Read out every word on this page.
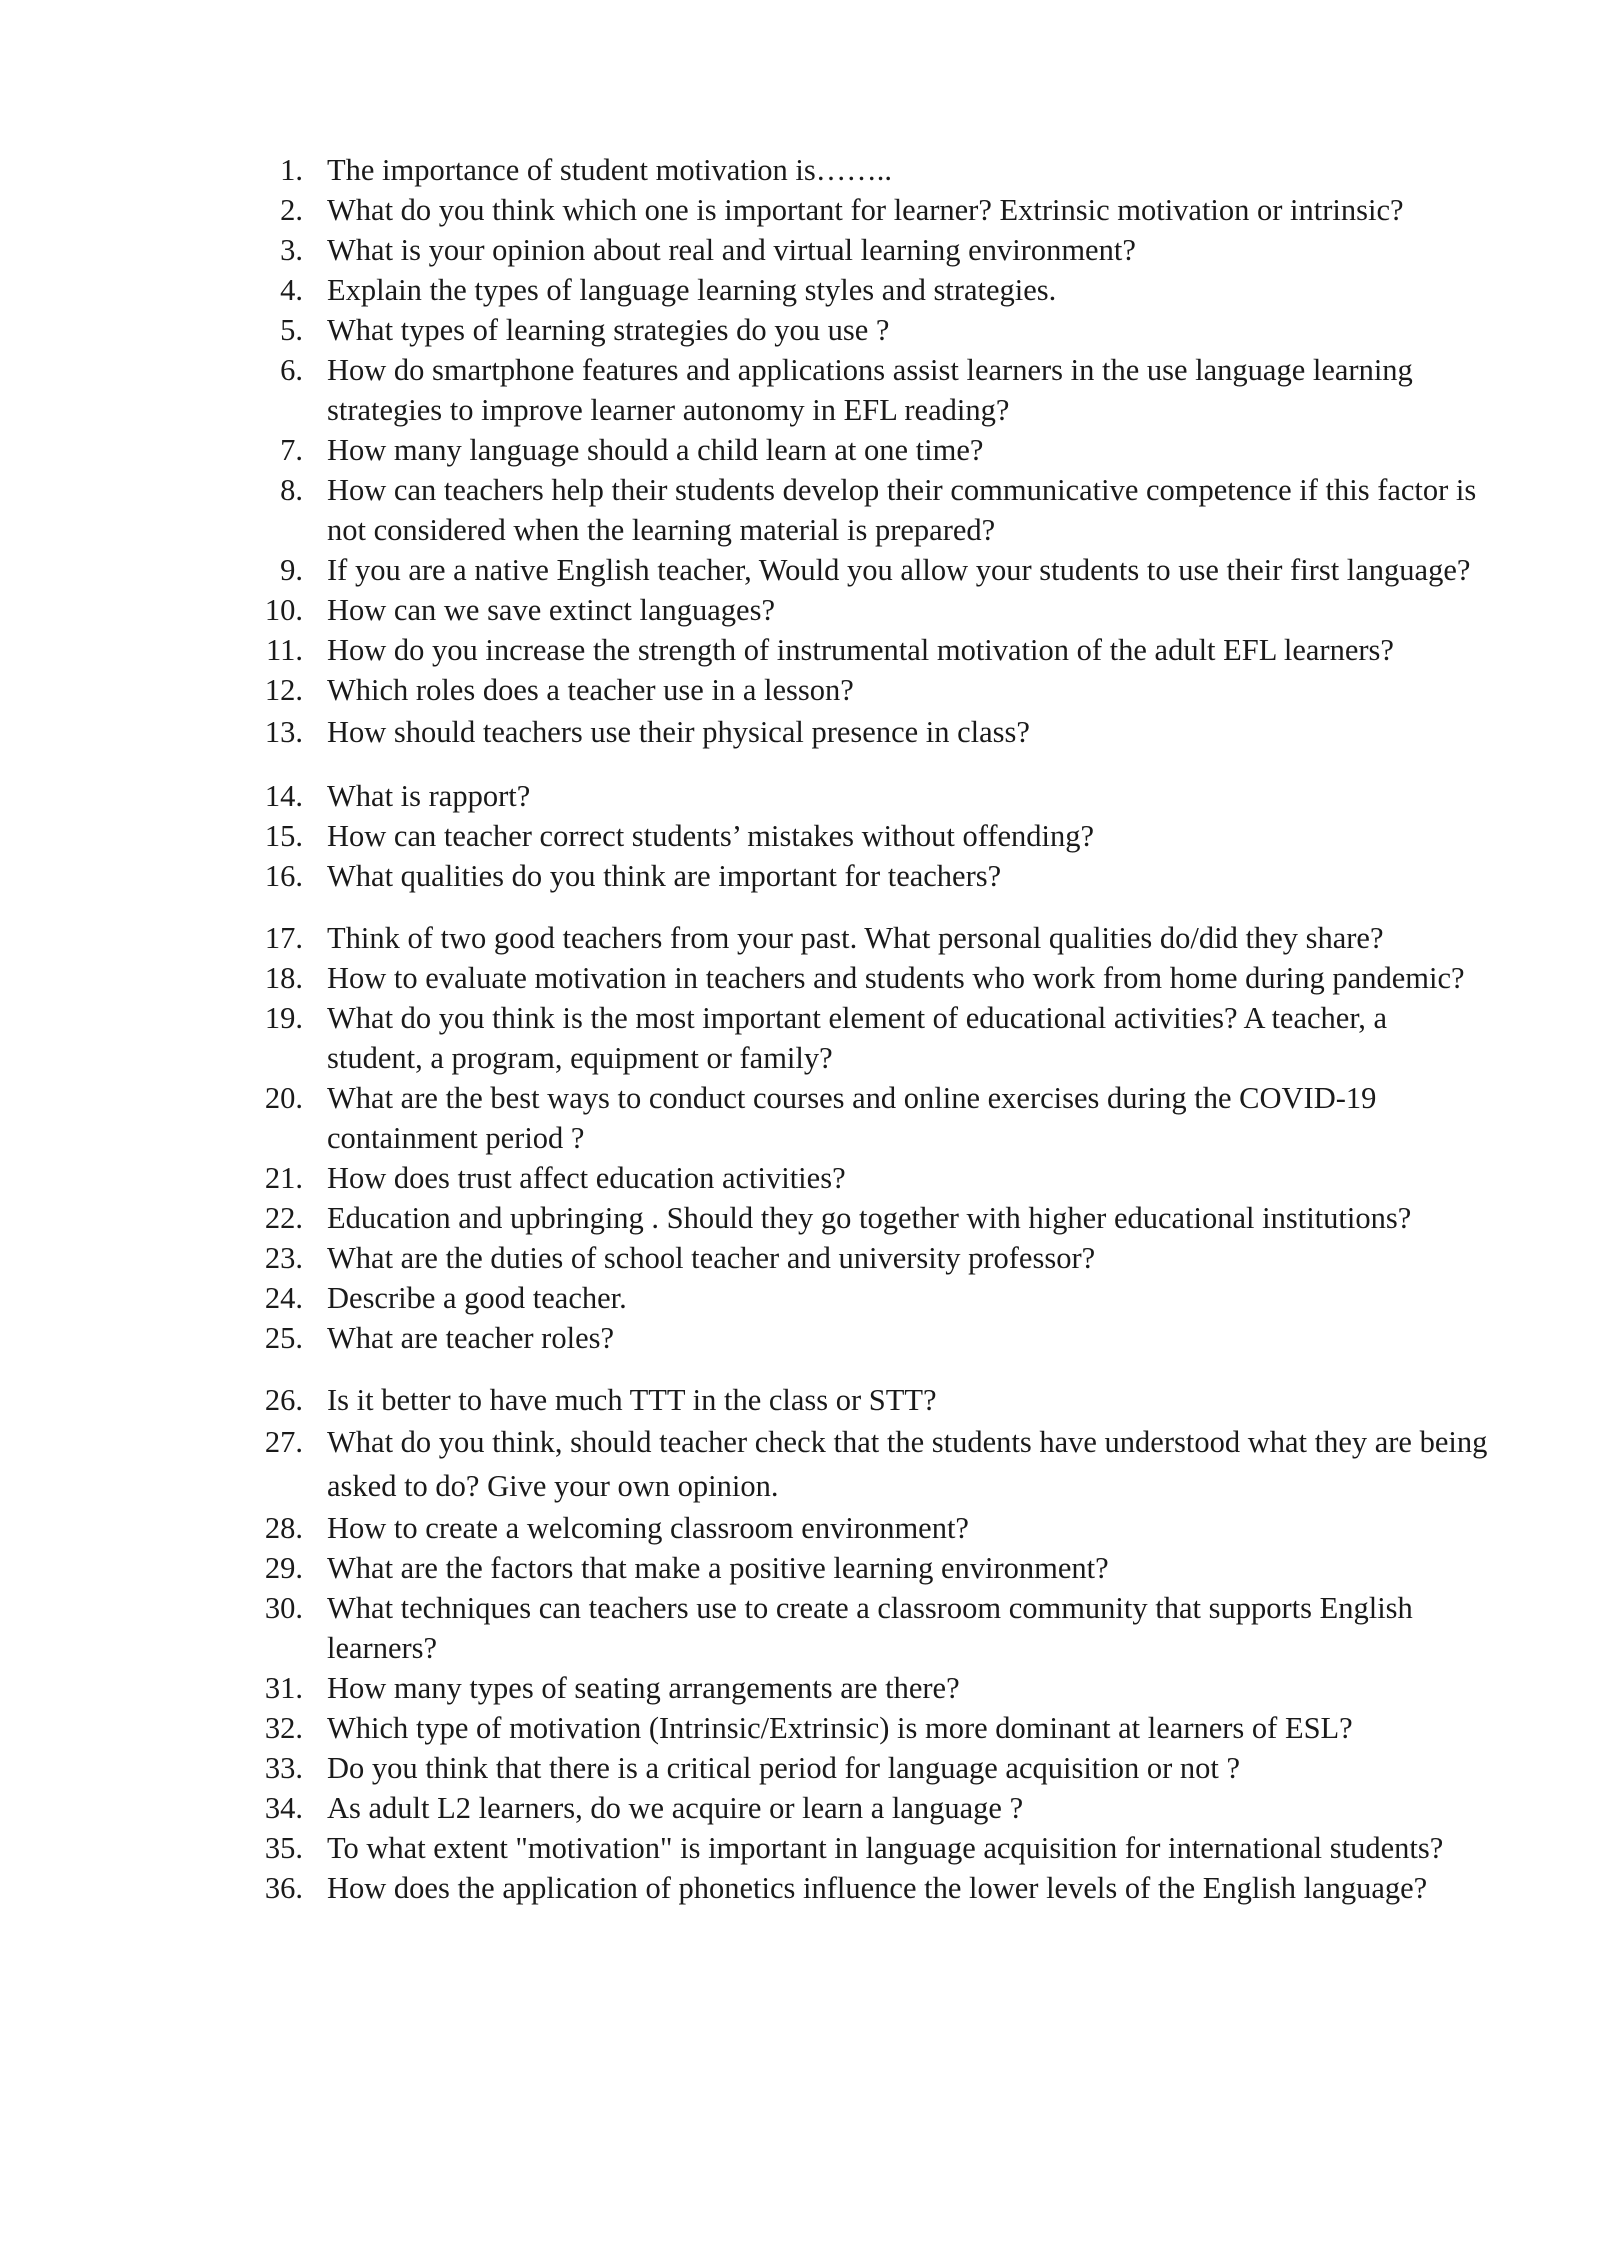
1. The importance of student motivation is……..
2. What do you think which one is important for learner? Extrinsic motivation or intrinsic?
3. What is your opinion about real and virtual learning environment?
4. Explain the types of language learning styles and strategies.
5. What types of learning strategies do you use ?
6. How do smartphone features and applications assist learners in the use language learning strategies to improve learner autonomy in EFL reading?
7. How many language should a child learn at one time?
8. How can teachers help their students develop their communicative competence if this factor is not considered when the learning material is prepared?
9. If you are a native English teacher, Would you allow your students to use their first language?
10. How can we save extinct languages?
11. How do you increase the strength of instrumental motivation of the adult EFL learners?
12. Which roles does a teacher use in a lesson?
13. How should teachers use their physical presence in class?
14. What is rapport?
15. How can teacher correct students’ mistakes without offending?
16. What qualities do you think are important for teachers?
17. Think of two good teachers from your past. What personal qualities do/did they share?
18. How to evaluate motivation in teachers and students who work from home during pandemic?
19. What do you think is the most important element of educational activities? A teacher, a student, a program, equipment or family?
20. What are the best ways to conduct courses and online exercises during the COVID-19 containment period ?
21. How does trust affect education activities?
22. Education and upbringing . Should they go together with higher educational institutions?
23. What are the duties of school teacher and university professor?
24. Describe a good teacher.
25. What are teacher roles?
26. Is it better to have much TTT in the class or STT?
27. What do you think, should teacher check that the students have understood what they are being asked to do? Give your own opinion.
28. How to create a welcoming classroom environment?
29. What are the factors that make a positive learning environment?
30. What techniques can teachers use to create a classroom community that supports English learners?
31. How many types of seating arrangements are there?
32. Which type of motivation (Intrinsic/Extrinsic) is more dominant at learners of ESL?
33. Do you think that there is a critical period for language acquisition or not ?
34. As adult L2 learners, do we acquire or learn a language ?
35. To what extent "motivation" is important in language acquisition for international students?
36. How does the application of phonetics influence the lower levels of the English language?
